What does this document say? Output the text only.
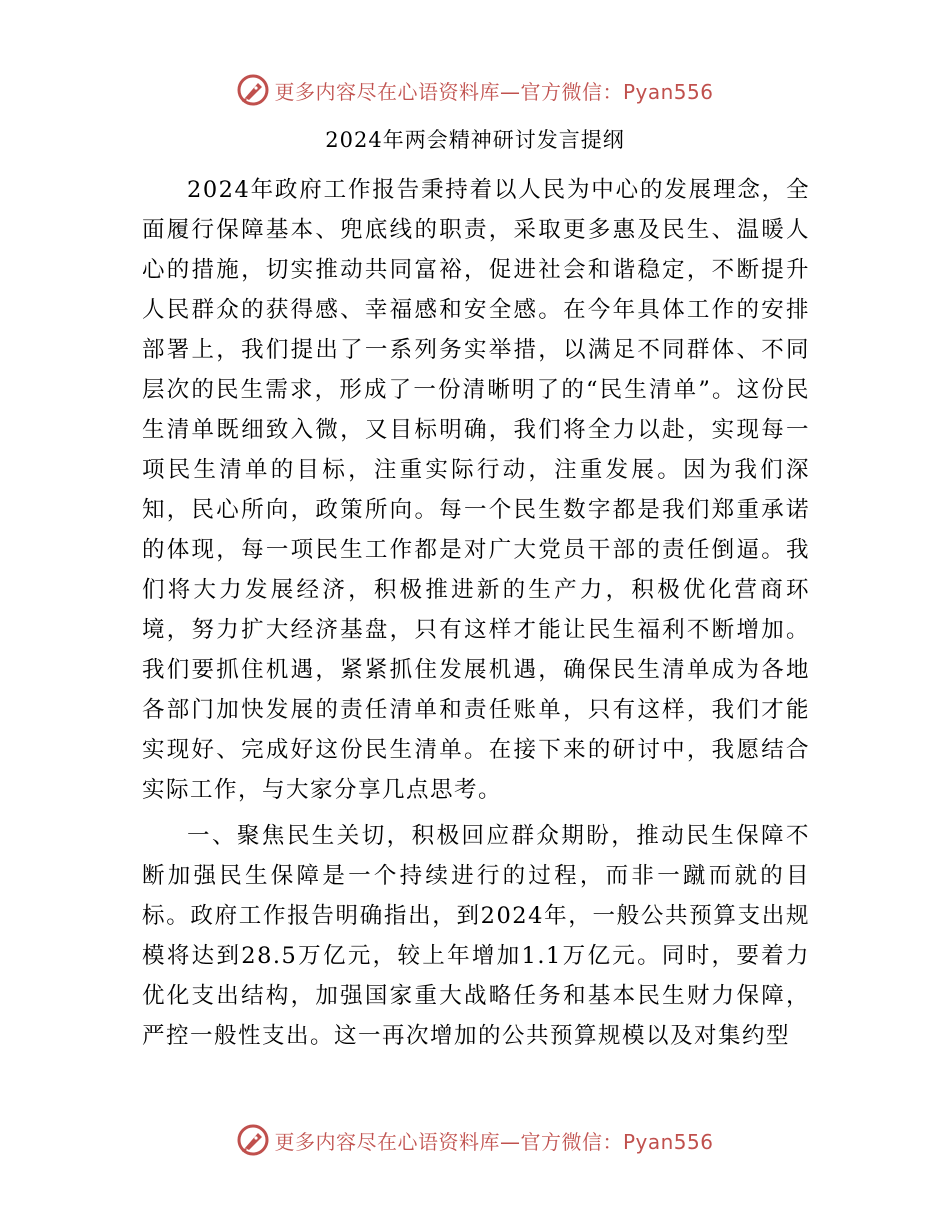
更多内容尽在心语资料库—官方微信：Pyan556
2024年两会精神研讨发言提纲

2024年政府工作报告秉持着以人民为中心的发展理念，全面履行保障基本、兜底线的职责，采取更多惠及民生、温暖人心的措施，切实推动共同富裕，促进社会和谐稳定，不断提升人民群众的获得感、幸福感和安全感。在今年具体工作的安排部署上，我们提出了一系列务实举措，以满足不同群体、不同层次的民生需求，形成了一份清晰明了的“民生清单”。这份民生清单既细致入微，又目标明确，我们将全力以赴，实现每一项民生清单的目标，注重实际行动，注重发展。因为我们深知，民心所向，政策所向。每一个民生数字都是我们郑重承诺的体现，每一项民生工作都是对广大党员干部的责任倒逼。我们将大力发展经济，积极推进新的生产力，积极优化营商环境，努力扩大经济基盘，只有这样才能让民生福利不断增加。我们要抓住机遇，紧紧抓住发展机遇，确保民生清单成为各地各部门加快发展的责任清单和责任账单，只有这样，我们才能实现好、完成好这份民生清单。在接下来的研讨中，我愿结合实际工作，与大家分享几点思考。

一、聚焦民生关切，积极回应群众期盼，推动民生保障不断加强民生保障是一个持续进行的过程，而非一蹴而就的目标。政府工作报告明确指出，到2024年，一般公共预算支出规模将达到28.5万亿元，较上年增加1.1万亿元。同时，要着力优化支出结构，加强国家重大战略任务和基本民生财力保障，严控一般性支出。这一再次增加的公共预算规模以及对集约型

更多内容尽在心语资料库—官方微信：Pyan556
